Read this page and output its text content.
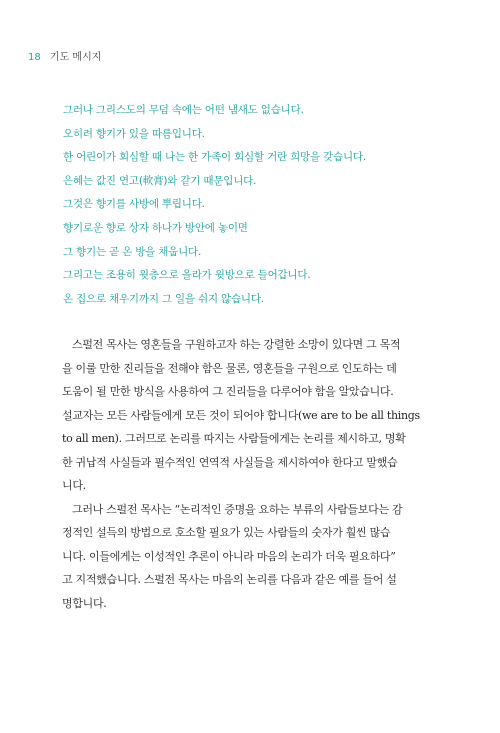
18 기도 메시지
그러나 그리스도의 무덤 속에는 어떤 냄새도 없습니다.
오히려 향기가 있을 따름입니다.
한 어린이가 회심할 때 나는 한 가족이 회심할 거란 희망을 갖습니다.
은혜는 값진 연고(軟膏)와 같기 때문입니다.
그것은 향기를 사방에 뿌립니다.
향기로운 향로 상자 하나가 방안에 놓이면
그 향기는 곧 온 방을 채웁니다.
그리고는 조용히 윗층으로 올라가 윗방으로 들어갑니다.
온 집으로 채우기까지 그 일을 쉬지 않습니다.
스펄전 목사는 영혼들을 구원하고자 하는 강렬한 소망이 있다면 그 목적
을 이룰 만한 진리들을 전해야 함은 물론, 영혼들을 구원으로 인도하는 데
도움이 될 만한 방식을 사용하여 그 진리들을 다루어야 함을 알았습니다.
설교자는 모든 사람들에게 모든 것이 되어야 합니다(we are to be all things
to all men). 그러므로 논리를 따지는 사람들에게는 논리를 제시하고, 명확
한 귀납적 사실들과 필수적인 연역적 사실들을 제시하여야 한다고 말했습
니다.
그러나 스펄전 목사는 “논리적인 증명을 요하는 부류의 사람들보다는 감
정적인 설득의 방법으로 호소할 필요가 있는 사람들의 숫자가 훨씬 많습
니다. 이들에게는 이성적인 추론이 아니라 마음의 논리가 더욱 필요하다”
고 지적했습니다. 스펄전 목사는 마음의 논리를 다음과 같은 예를 들어 설
명합니다.
